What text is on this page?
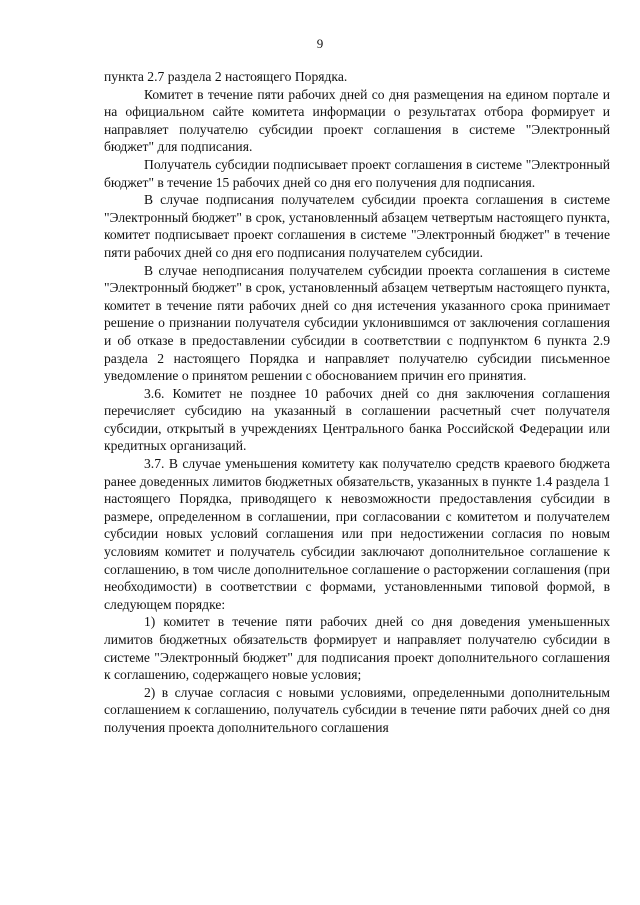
9

пункта 2.7 раздела 2 настоящего Порядка.

Комитет в течение пяти рабочих дней со дня размещения на едином портале и на официальном сайте комитета информации о результатах отбора формирует и направляет получателю субсидии проект соглашения в системе "Электронный бюджет" для подписания.

Получатель субсидии подписывает проект соглашения в системе "Электронный бюджет" в течение 15 рабочих дней со дня его получения для подписания.

В случае подписания получателем субсидии проекта соглашения в системе "Электронный бюджет" в срок, установленный абзацем четвертым настоящего пункта, комитет подписывает проект соглашения в системе "Электронный бюджет" в течение пяти рабочих дней со дня его подписания получателем субсидии.

В случае неподписания получателем субсидии проекта соглашения в системе "Электронный бюджет" в срок, установленный абзацем четвертым настоящего пункта, комитет в течение пяти рабочих дней со дня истечения указанного срока принимает решение о признании получателя субсидии уклонившимся от заключения соглашения и об отказе в предоставлении субсидии в соответствии с подпунктом 6 пункта 2.9 раздела 2 настоящего Порядка и направляет получателю субсидии письменное уведомление о принятом решении с обоснованием причин его принятия.

3.6. Комитет не позднее 10 рабочих дней со дня заключения соглашения перечисляет субсидию на указанный в соглашении расчетный счет получателя субсидии, открытый в учреждениях Центрального банка Российской Федерации или кредитных организаций.

3.7. В случае уменьшения комитету как получателю средств краевого бюджета ранее доведенных лимитов бюджетных обязательств, указанных в пункте 1.4 раздела 1 настоящего Порядка, приводящего к невозможности предоставления субсидии в размере, определенном в соглашении, при согласовании с комитетом и получателем субсидии новых условий соглашения или при недостижении согласия по новым условиям комитет и получатель субсидии заключают дополнительное соглашение к соглашению, в том числе дополнительное соглашение о расторжении соглашения (при необходимости) в соответствии с формами, установленными типовой формой, в следующем порядке:

1) комитет в течение пяти рабочих дней со дня доведения уменьшенных лимитов бюджетных обязательств формирует и направляет получателю субсидии в системе "Электронный бюджет" для подписания проект дополнительного соглашения к соглашению, содержащего новые условия;

2) в случае согласия с новыми условиями, определенными дополнительным соглашением к соглашению, получатель субсидии в течение пяти рабочих дней со дня получения проекта дополнительного соглашения
